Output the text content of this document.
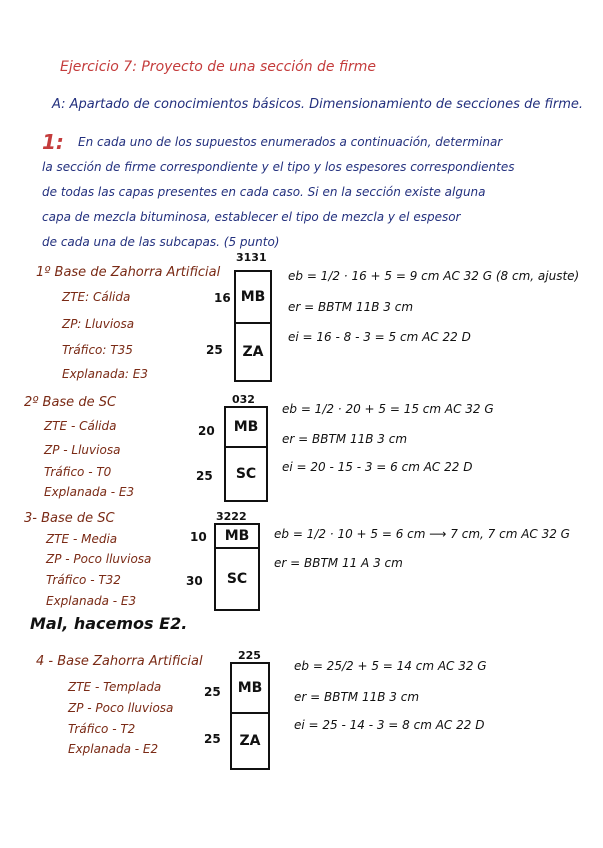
Ejercicio 7: Proyecto de una sección de firme
A: Apartado de conocimientos básicos. Dimensionamiento de secciones de firme.
1: En cada uno de los supuestos enumerados a continuación, determinar
la sección de firme correspondiente y el tipo y los espesores correspondientes
de todas las capas presentes en cada caso. Si en la sección existe alguna
capa de mezcla bituminosa, establecer el tipo de mezcla y el espesor
de cada una de las subcapas. (5 punto)
1º Base de Zahorra Artificial
ZTE: Cálida
ZP: Lluviosa
Tráfico: T35
Explanada: E3
3131
16 MB
25 ZA
eb = 1/2 · 16 + 5 = 9 cm AC 32 G (8 cm, ajuste)
er = BBTM 11B 3 cm
ei = 16 - 8 - 3 = 5 cm AC 22 D
2º Base de SC
ZTE - Cálida
ZP - Lluviosa
Tráfico - T0
Explanada - E3
032
20 MB
25 SC
eb = 1/2 · 20 + 5 = 15 cm AC 32 G
er = BBTM 11B 3 cm
ei = 20 - 15 - 3 = 6 cm AC 22 D
3- Base de SC
ZTE - Media
ZP - Poco lluviosa
Tráfico - T32
Explanada - E3
3222
10 MB
30 SC
eb = 1/2 · 10 + 5 = 6 cm ⟶ 7 cm, 7 cm AC 32 G
er = BBTM 11 A 3 cm
Mal, hacemos E2.
4 - Base Zahorra Artificial
ZTE - Templada
ZP - Poco lluviosa
Tráfico - T2
Explanada - E2
225
25 MB
25 ZA
eb = 25/2 + 5 = 14 cm AC 32 G
er = BBTM 11B 3 cm
ei = 25 - 14 - 3 = 8 cm AC 22 D
